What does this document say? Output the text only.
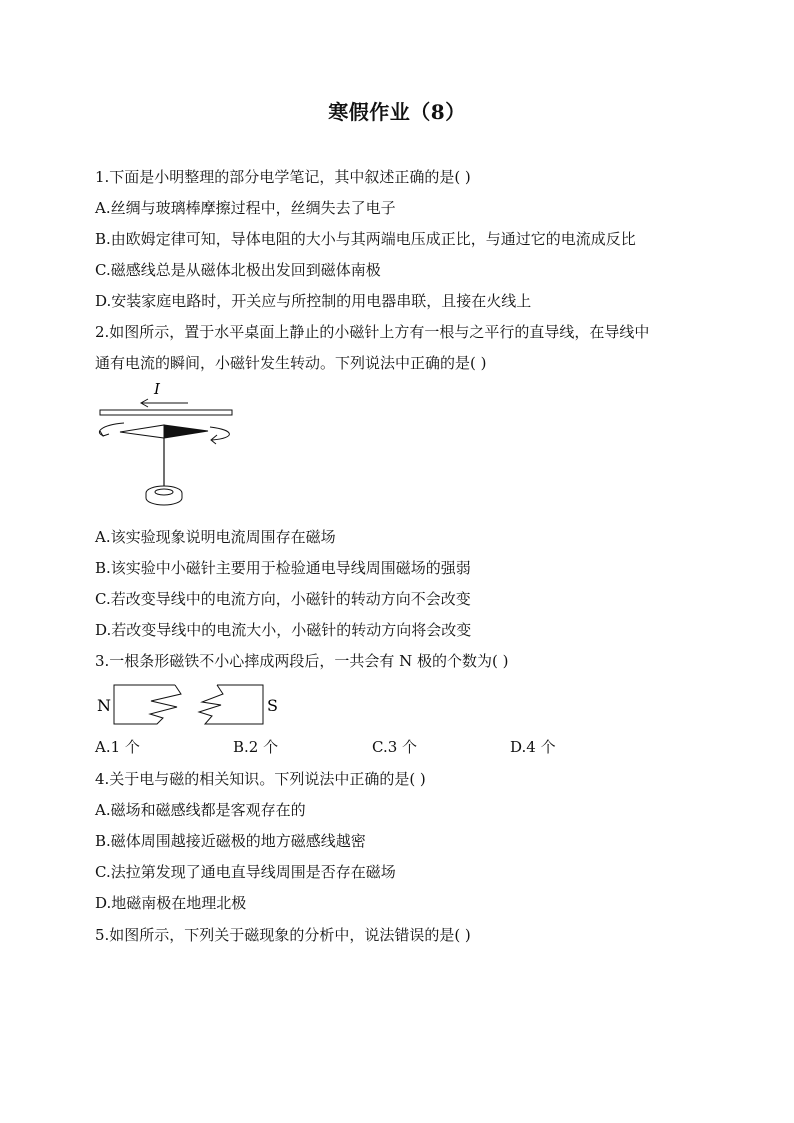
寒假作业（8）
1.下面是小明整理的部分电学笔记，其中叙述正确的是( )
A.丝绸与玻璃棒摩擦过程中，丝绸失去了电子
B.由欧姆定律可知，导体电阻的大小与其两端电压成正比，与通过它的电流成反比
C.磁感线总是从磁体北极出发回到磁体南极
D.安装家庭电路时，开关应与所控制的用电器串联，且接在火线上
2.如图所示，置于水平桌面上静止的小磁针上方有一根与之平行的直导线，在导线中
通有电流的瞬间，小磁针发生转动。下列说法中正确的是( )
I
A.该实验现象说明电流周围存在磁场
B.该实验中小磁针主要用于检验通电导线周围磁场的强弱
C.若改变导线中的电流方向，小磁针的转动方向不会改变
D.若改变导线中的电流大小，小磁针的转动方向将会改变
3.一根条形磁铁不小心摔成两段后，一共会有 N 极的个数为( )
N	S
A.1 个	B.2 个	C.3 个	D.4 个
4.关于电与磁的相关知识。下列说法中正确的是( )
A.磁场和磁感线都是客观存在的
B.磁体周围越接近磁极的地方磁感线越密
C.法拉第发现了通电直导线周围是否存在磁场
D.地磁南极在地理北极
5.如图所示，下列关于磁现象的分析中，说法错误的是( )
